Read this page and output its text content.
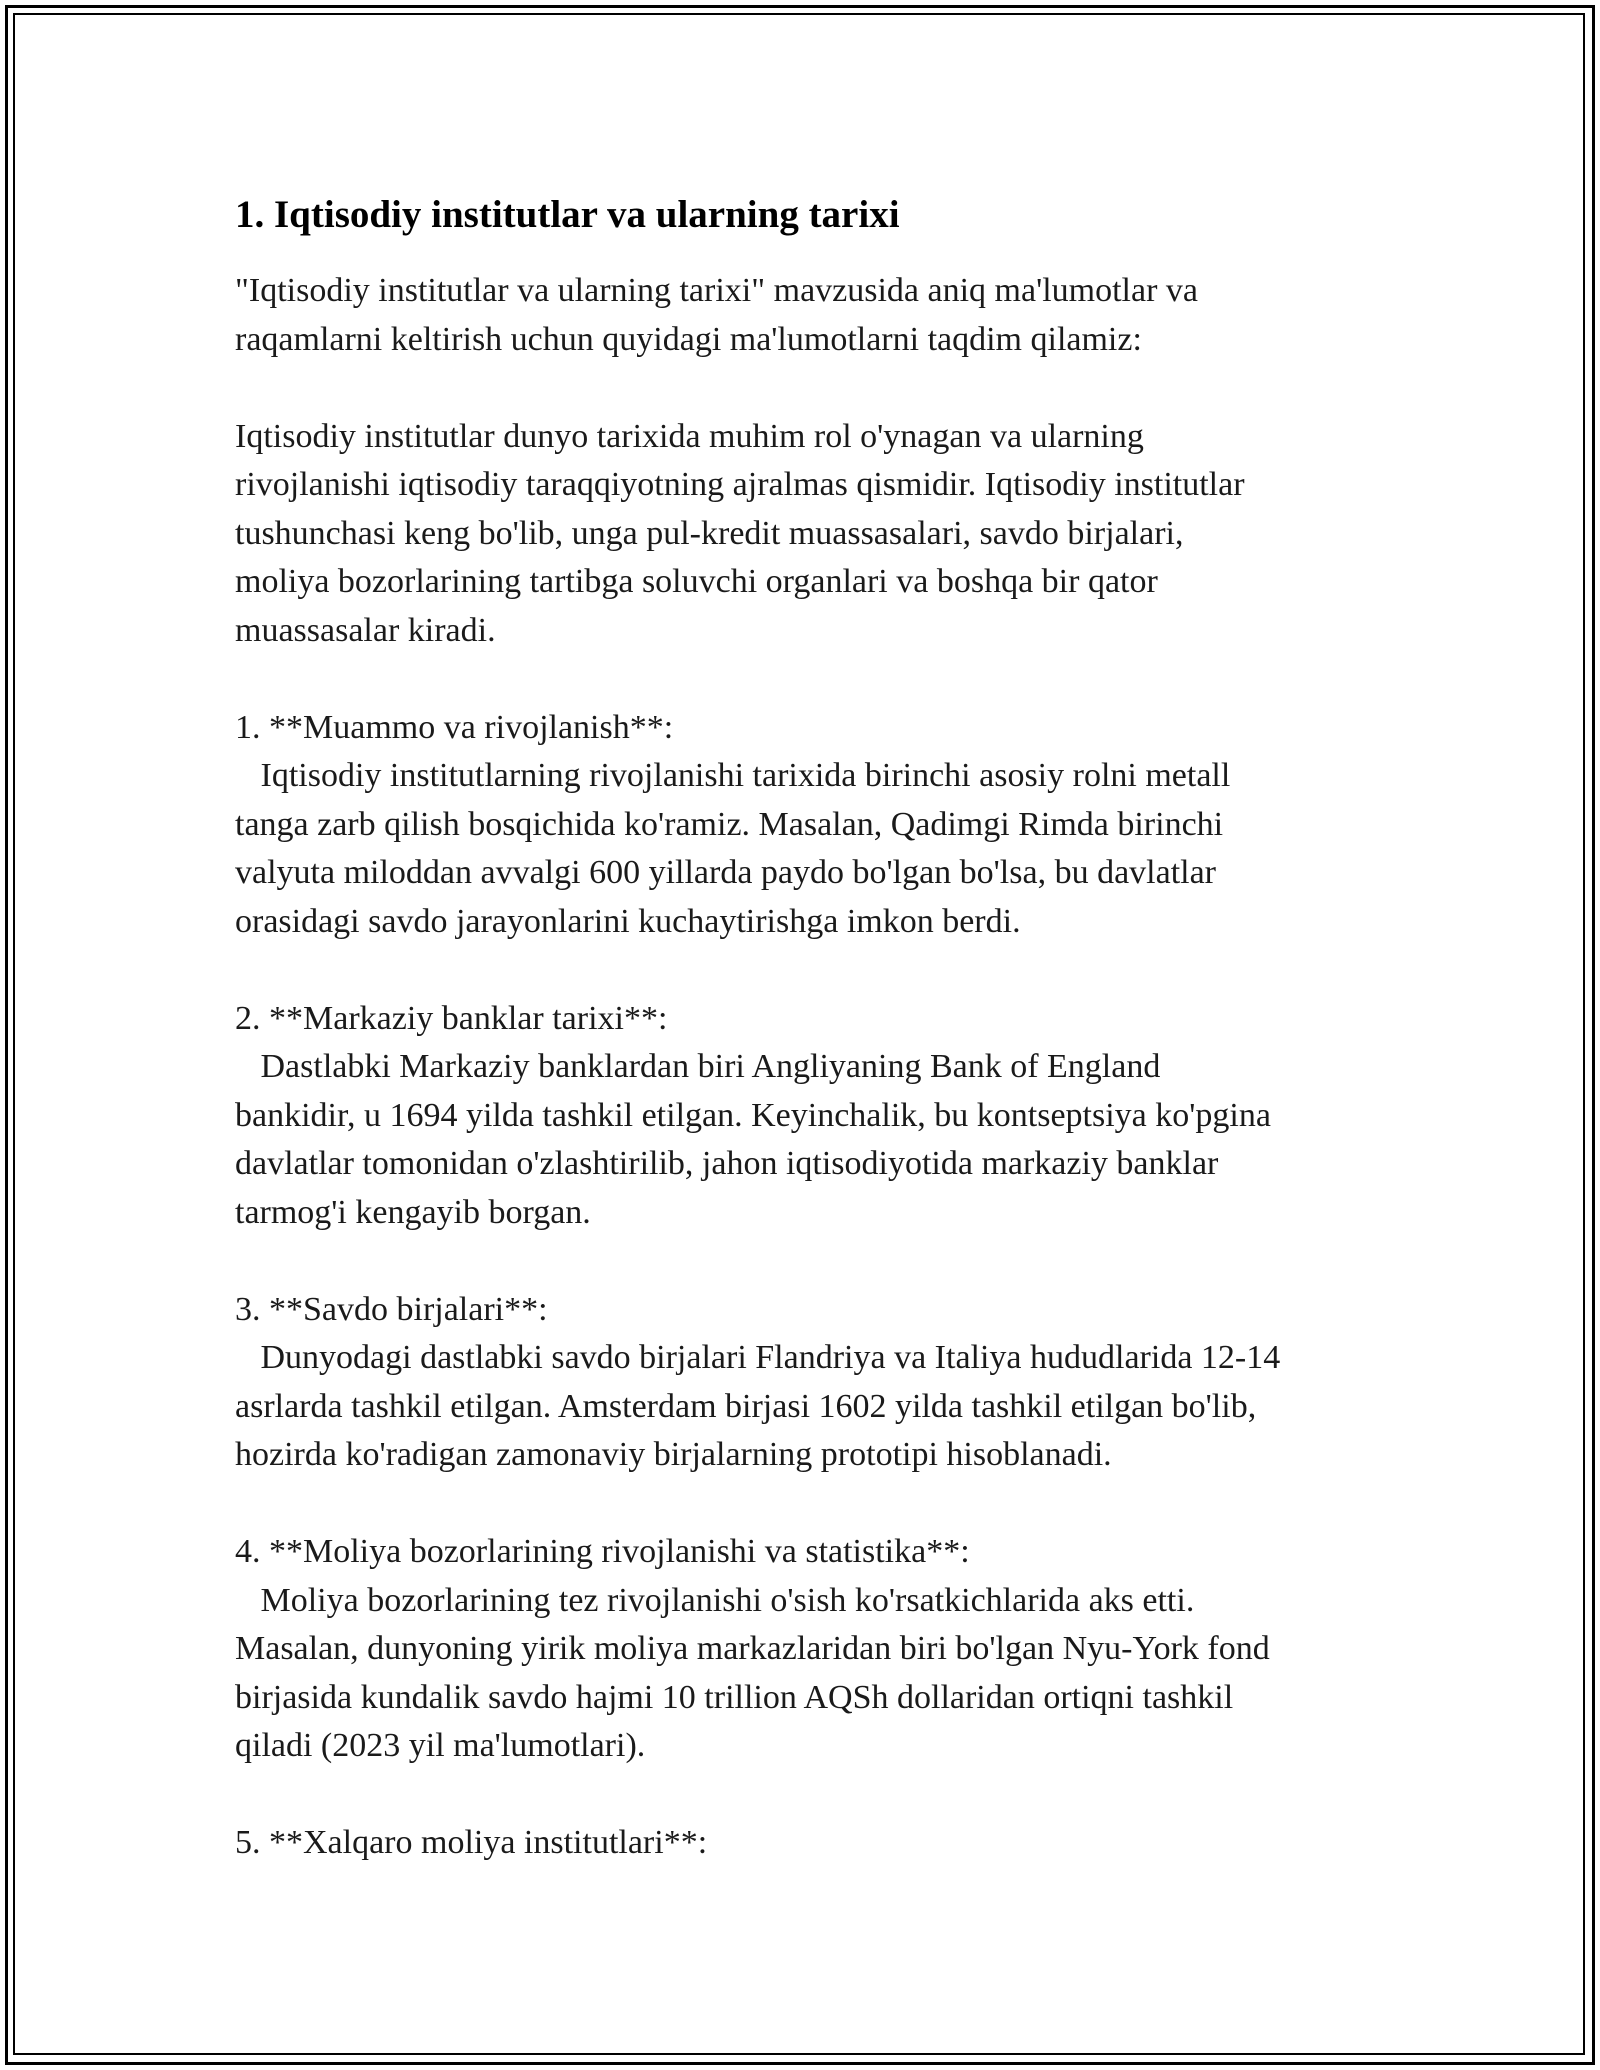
1. Iqtisodiy institutlar va ularning tarixi

"Iqtisodiy institutlar va ularning tarixi" mavzusida aniq ma'lumotlar va
raqamlarni keltirish uchun quyidagi ma'lumotlarni taqdim qilamiz:

Iqtisodiy institutlar dunyo tarixida muhim rol o'ynagan va ularning
rivojlanishi iqtisodiy taraqqiyotning ajralmas qismidir. Iqtisodiy institutlar
tushunchasi keng bo'lib, unga pul-kredit muassasalari, savdo birjalari,
moliya bozorlarining tartibga soluvchi organlari va boshqa bir qator
muassasalar kiradi.

1. **Muammo va rivojlanish**:

Iqtisodiy institutlarning rivojlanishi tarixida birinchi asosiy rolni metall
tanga zarb qilish bosqichida ko'ramiz. Masalan, Qadimgi Rimda birinchi
valyuta miloddan avvalgi 600 yillarda paydo bo'lgan bo'lsa, bu davlatlar
orasidagi savdo jarayonlarini kuchaytirishga imkon berdi.

2. **Markaziy banklar tarixi**:

Dastlabki Markaziy banklardan biri Angliyaning Bank of England
bankidir, u 1694 yilda tashkil etilgan. Keyinchalik, bu kontseptsiya ko'pgina
davlatlar tomonidan o'zlashtirilib, jahon iqtisodiyotida markaziy banklar
tarmog'i kengayib borgan.

3. **Savdo birjalari**:

Dunyodagi dastlabki savdo birjalari Flandriya va Italiya hududlarida 12-14
asrlarda tashkil etilgan. Amsterdam birjasi 1602 yilda tashkil etilgan bo'lib,
hozirda ko'radigan zamonaviy birjalarning prototipi hisoblanadi.

4. **Moliya bozorlarining rivojlanishi va statistika**:

Moliya bozorlarining tez rivojlanishi o'sish ko'rsatkichlarida aks etti.
Masalan, dunyoning yirik moliya markazlaridan biri bo'lgan Nyu-York fond
birjasida kundalik savdo hajmi 10 trillion AQSh dollaridan ortiqni tashkil
qiladi (2023 yil ma'lumotlari).

5. **Xalqaro moliya institutlari**:
